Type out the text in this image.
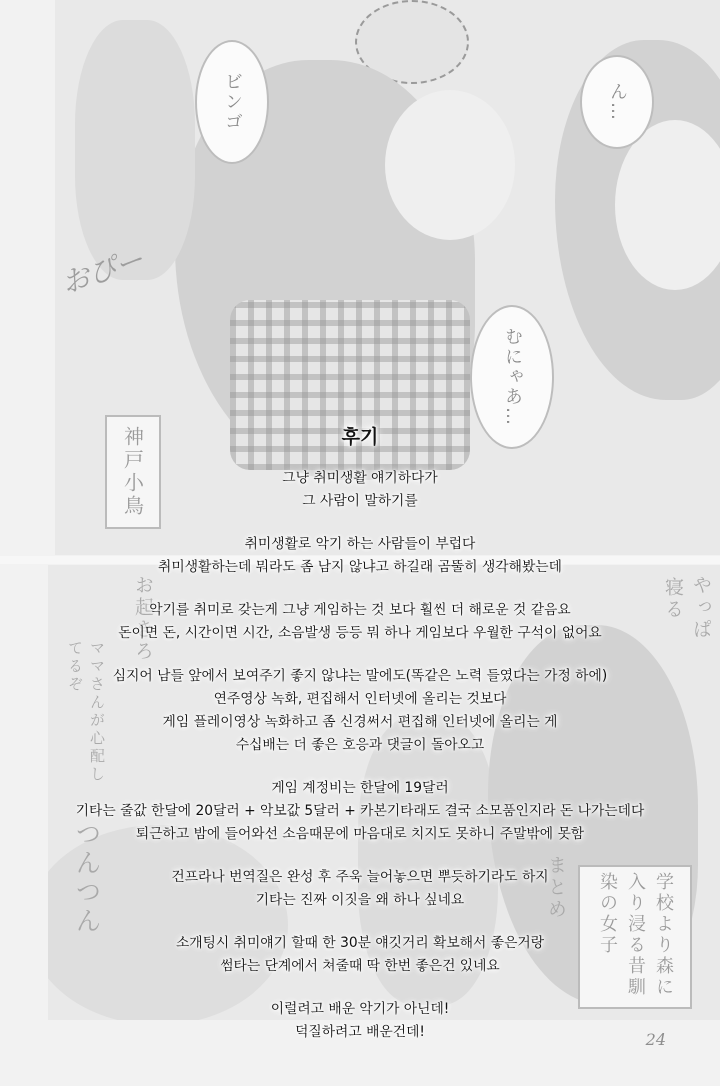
ビンゴ	ん…
むにゃあ…
おぴー
神戸小鳥
やっぱ
寝る
お起きろ
ママさんが心配してるぞ
つんつん	まとめ	学校より森に入り浸る昔馴染の女子
후기
그냥 취미생활 얘기하다가
그 사람이 말하기를
취미생활로 악기 하는 사람들이 부럽다
취미생활하는데 뭐라도 좀 남지 않냐고 하길래 곰뚤히 생각해봤는데
악기를 취미로 갖는게 그냥 게임하는 것 보다 훨씬 더 해로운 것 같음요
돈이면 돈, 시간이면 시간, 소음발생 등등 뭐 하나 게임보다 우월한 구석이 없어요
심지어 남들 앞에서 보여주기 좋지 않냐는 말에도(똑같은 노력 들였다는 가정 하에)
연주영상 녹화, 편집해서 인터넷에 올리는 것보다
게임 플레이영상 녹화하고 좀 신경써서 편집해 인터넷에 올리는 게
수십배는 더 좋은 호응과 댓글이 돌아오고
게임 계정비는 한달에 19달러
기타는 줄값 한달에 20달러 + 악보값 5달러 + 카본기타래도 결국 소모품인지라 돈 나가는데다
퇴근하고 밤에 들어와선 소음때문에 마음대로 치지도 못하니 주말밖에 못함
건프라나 번역질은 완성 후 주욱 늘어놓으면 뿌듯하기라도 하지
기타는 진짜 이짓을 왜 하나 싶네요
소개팅시 취미얘기 할때 한 30분 얘깃거리 확보해서 좋은거랑
썸타는 단계에서 쳐줄때 딱 한번 좋은건 있네요
이럴려고 배운 악기가 아닌데!
덕질하려고 배운건데!	24
